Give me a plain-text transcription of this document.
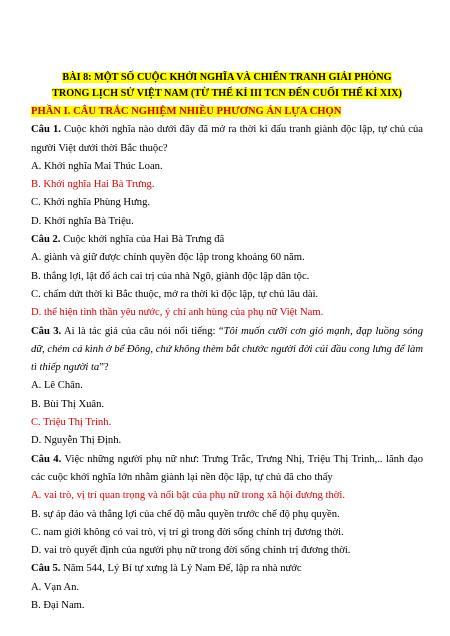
BÀI 8: MỘT SỐ CUỘC KHỞI NGHĨA VÀ CHIẾN TRANH GIẢI PHÓNG
TRONG LỊCH SỬ VIỆT NAM (TỪ THẾ KỈ III TCN ĐẾN CUỐI THẾ KỈ XIX)
PHẦN I. CÂU TRẮC NGHIỆM NHIỀU PHƯƠNG ÁN LỰA CHỌN
Câu 1. Cuộc khởi nghĩa nào dưới đây đã mở ra thời kì đấu tranh giành độc lập, tự chủ của người Việt dưới thời Bắc thuộc?
A. Khởi nghĩa Mai Thúc Loan.
B. Khởi nghĩa Hai Bà Trưng.
C. Khởi nghĩa Phùng Hưng.
D. Khởi nghĩa Bà Triệu.
Câu 2. Cuộc khởi nghĩa của Hai Bà Trưng đã
A. giành và giữ được chính quyền độc lập trong khoảng 60 năm.
B. thắng lợi, lật đổ ách cai trị của nhà Ngô, giành độc lập dân tộc.
C. chấm dứt thời kì Bắc thuộc, mở ra thời kì độc lập, tự chủ lâu dài.
D. thể hiện tinh thần yêu nước, ý chí anh hùng của phụ nữ Việt Nam.
Câu 3. Ai là tác giả của câu nói nổi tiếng: “Tôi muốn cưỡi cơn gió mạnh, đạp luồng sóng dữ, chém cá kình ở bể Đông, chứ không thèm bắt chước người đời cúi đầu cong lưng để làm tì thiếp người ta”?
A. Lê Chân.
B. Bùi Thị Xuân.
C. Triệu Thị Trinh.
D. Nguyễn Thị Định.
Câu 4. Việc những người phụ nữ như: Trưng Trắc, Trưng Nhị, Triệu Thị Trinh,.. lãnh đạo các cuộc khởi nghĩa lớn nhằm giành lại nền độc lập, tự chủ đã cho thấy
A. vai trò, vị trí quan trọng và nổi bật của phụ nữ trong xã hội đương thời.
B. sự áp đảo và thắng lợi của chế độ mẫu quyền trước chế độ phụ quyền.
C. nam giới không có vai trò, vị trí gì trong đời sống chính trị đương thời.
D. vai trò quyết định của người phụ nữ trong đời sống chính trị đương thời.
Câu 5. Năm 544, Lý Bí tự xưng là Lý Nam Đế, lập ra nhà nước
A. Vạn An.
B. Đại Nam.
